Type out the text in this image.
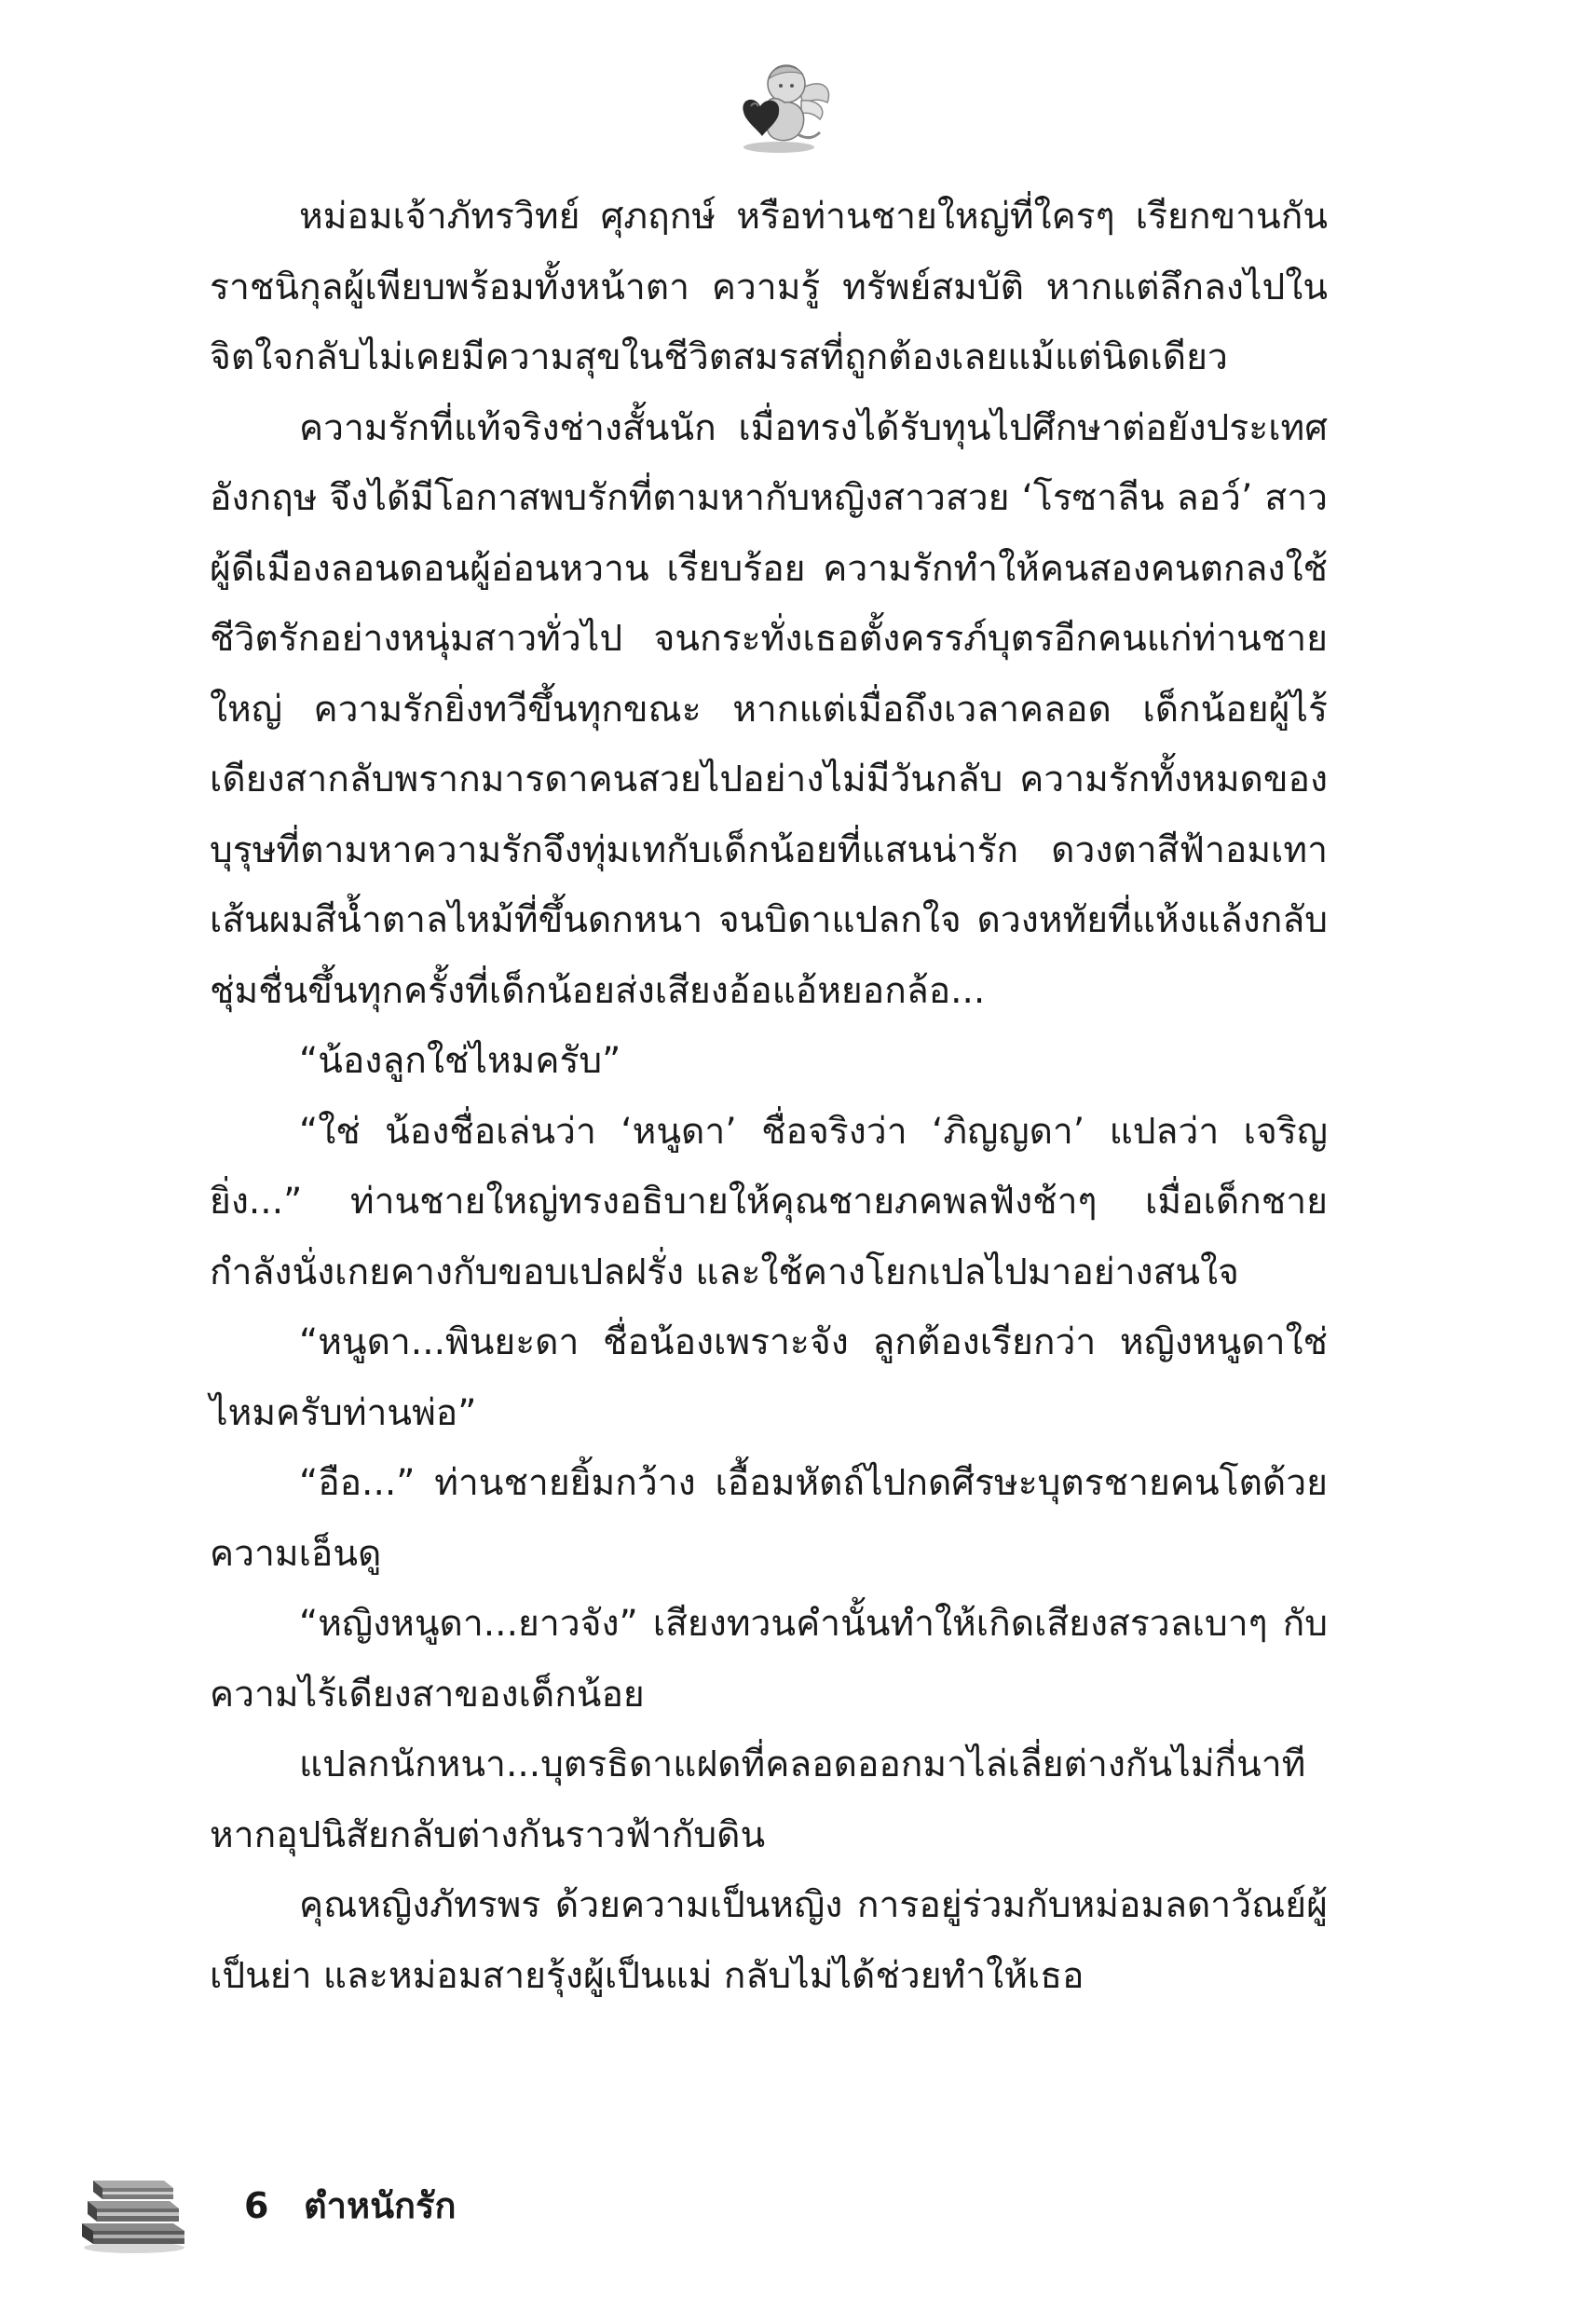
หม่อมเจ้าภัทรวิทย์ ศุภฤกษ์ หรือท่านชายใหญ่ที่ใครๆ เรียกขานกัน ราชนิกุลผู้เพียบพร้อมทั้งหน้าตา ความรู้ ทรัพย์สมบัติ หากแต่ลึกลงไปในจิตใจกลับไม่เคยมีความสุขในชีวิตสมรสที่ถูกต้องเลยแม้แต่นิดเดียว

ความรักที่แท้จริงช่างสั้นนัก เมื่อทรงได้รับทุนไปศึกษาต่อยังประเทศอังกฤษ จึงได้มีโอกาสพบรักที่ตามหากับหญิงสาวสวย ‘โรซาลีน ลอว์’ สาวผู้ดีเมืองลอนดอนผู้อ่อนหวาน เรียบร้อย ความรักทำให้คนสองคนตกลงใช้ชีวิตรักอย่างหนุ่มสาวทั่วไป จนกระทั่งเธอตั้งครรภ์บุตรอีกคนแก่ท่านชายใหญ่ ความรักยิ่งทวีขึ้นทุกขณะ หากแต่เมื่อถึงเวลาคลอด เด็กน้อยผู้ไร้เดียงสากลับพรากมารดาคนสวยไปอย่างไม่มีวันกลับ ความรักทั้งหมดของบุรุษที่ตามหาความรักจึงทุ่มเทกับเด็กน้อยที่แสนน่ารัก ดวงตาสีฟ้าอมเทา เส้นผมสีน้ำตาลไหม้ที่ขึ้นดกหนา จนบิดาแปลกใจ ดวงหทัยที่แห้งแล้งกลับชุ่มชื่นขึ้นทุกครั้งที่เด็กน้อยส่งเสียงอ้อแอ้หยอกล้อ...

“น้องลูกใช่ไหมครับ”

“ใช่ น้องชื่อเล่นว่า ‘หนูดา’ ชื่อจริงว่า ‘ภิญญดา’ แปลว่า เจริญยิ่ง...” ท่านชายใหญ่ทรงอธิบายให้คุณชายภคพลฟังช้าๆ เมื่อเด็กชายกำลังนั่งเกยคางกับขอบเปลฝรั่ง และใช้คางโยกเปลไปมาอย่างสนใจ

“หนูดา...พินยะดา ชื่อน้องเพราะจัง ลูกต้องเรียกว่า หญิงหนูดาใช่ไหมครับท่านพ่อ”

“อือ...” ท่านชายยิ้มกว้าง เอื้อมหัตถ์ไปกดศีรษะบุตรชายคนโตด้วยความเอ็นดู

“หญิงหนูดา...ยาวจัง” เสียงทวนคำนั้นทำให้เกิดเสียงสรวลเบาๆ กับความไร้เดียงสาของเด็กน้อย

แปลกนักหนา...บุตรธิดาแฝดที่คลอดออกมาไล่เลี่ยต่างกันไม่กี่นาที หากอุปนิสัยกลับต่างกันราวฟ้ากับดิน

คุณหญิงภัทรพร ด้วยความเป็นหญิง การอยู่ร่วมกับหม่อมลดาวัณย์ผู้เป็นย่า และหม่อมสายรุ้งผู้เป็นแม่ กลับไม่ได้ช่วยทำให้เธอ

6 ตำหนักรัก
